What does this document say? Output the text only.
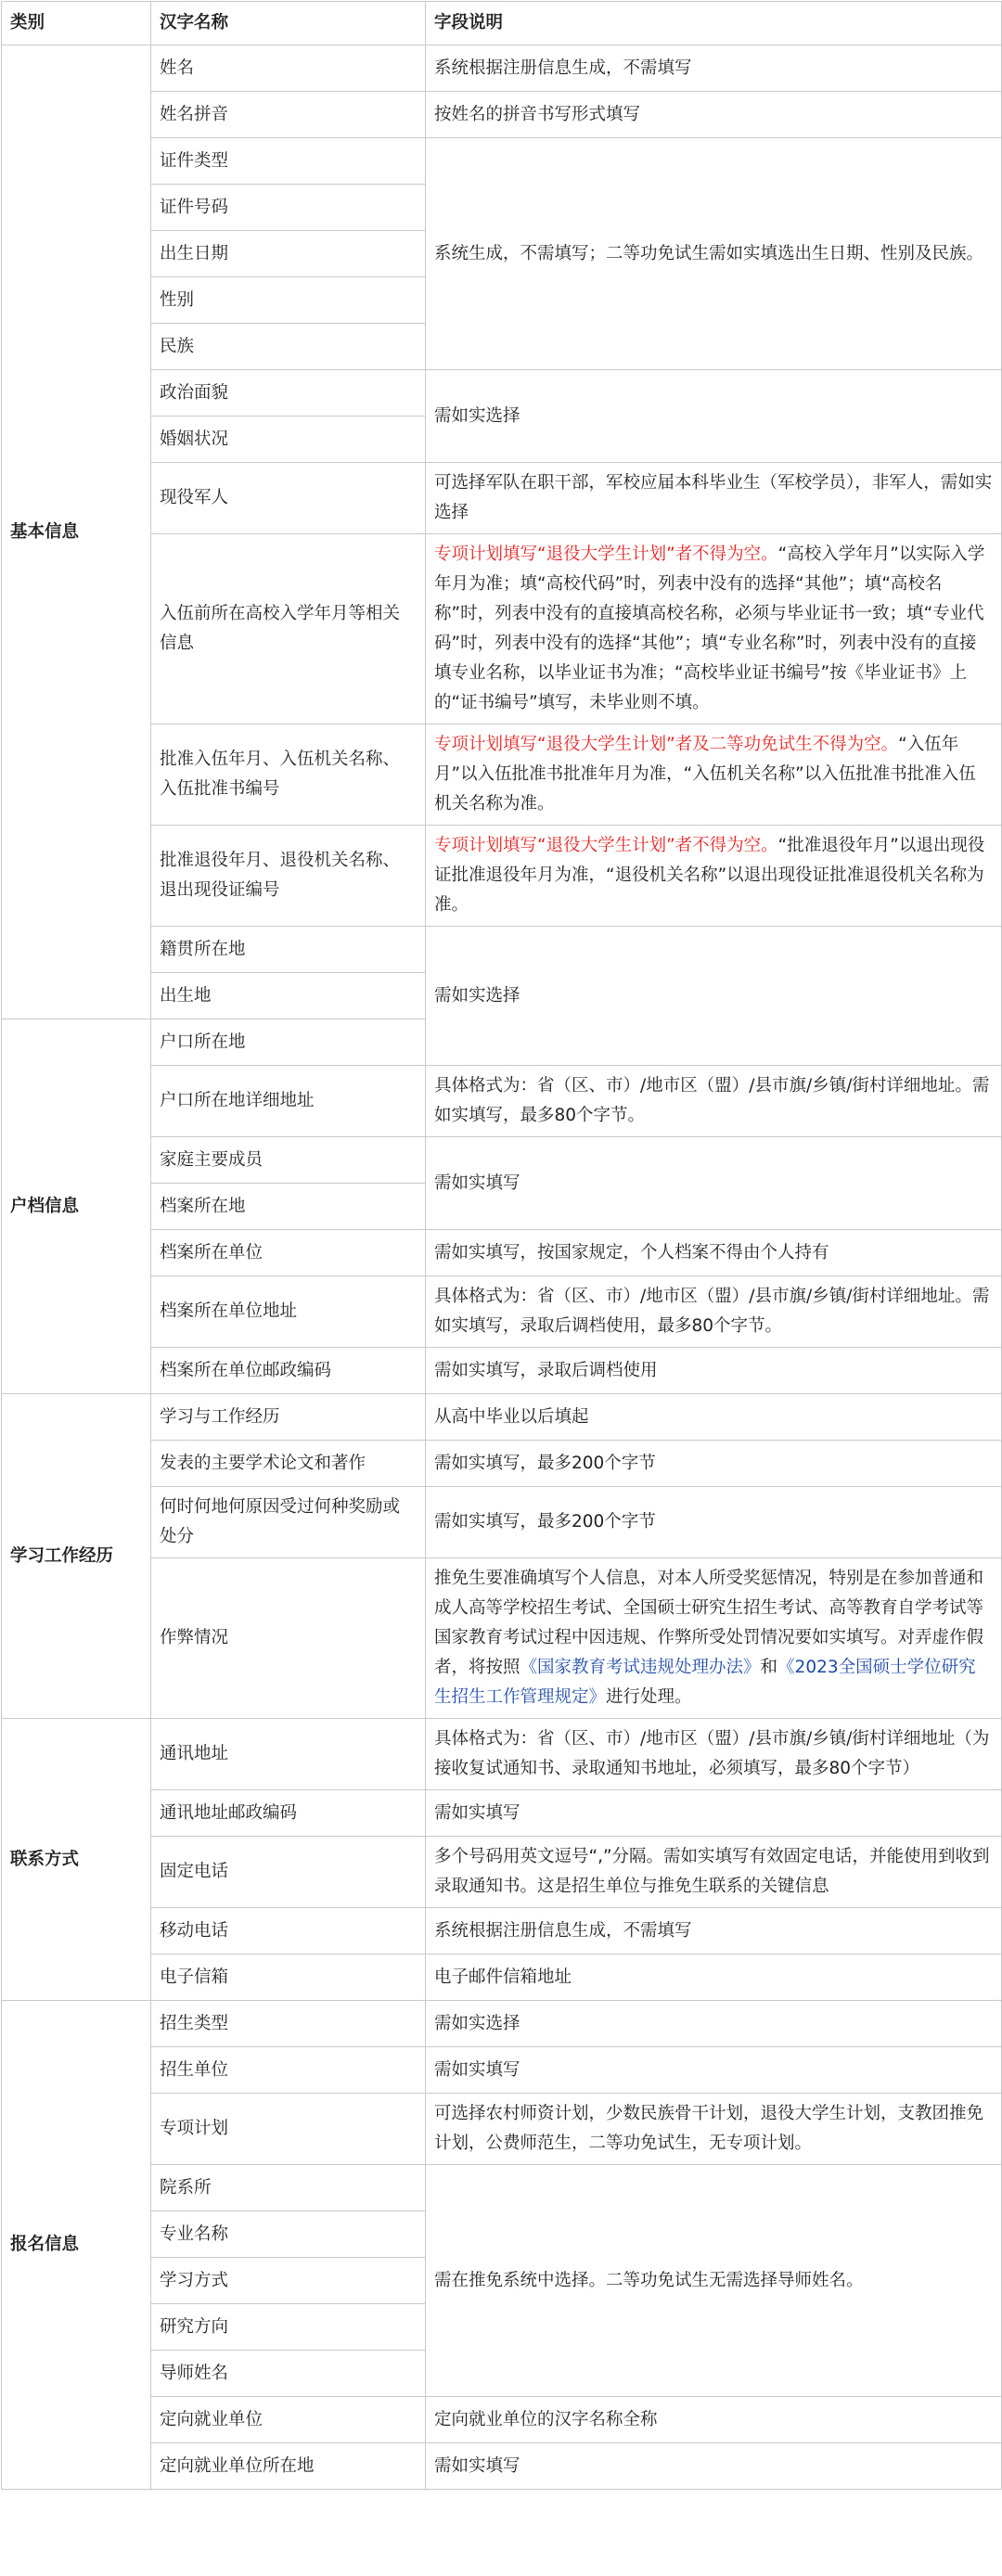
类别	汉字名称	字段说明
基本信息	姓名	系统根据注册信息生成，不需填写
	姓名拼音	按姓名的拼音书写形式填写
	证件类型	系统生成，不需填写；二等功免试生需如实填选出生日期、性别及民族。
	证件号码	
	出生日期	
	性别	
	民族	
	政治面貌	需如实选择
	婚姻状况	
	现役军人	可选择军队在职干部，军校应届本科毕业生（军校学员），非军人，需如实选择
	入伍前所在高校入学年月等相关信息	专项计划填写“退役大学生计划”者不得为空。“高校入学年月”以实际入学年月为准；填“高校代码”时，列表中没有的选择“其他”；填“高校名称”时，列表中没有的直接填高校名称，必须与毕业证书一致；填“专业代码”时，列表中没有的选择“其他”；填“专业名称”时，列表中没有的直接填专业名称，以毕业证书为准；“高校毕业证书编号”按《毕业证书》上的“证书编号”填写，未毕业则不填。
	批准入伍年月、入伍机关名称、入伍批准书编号	专项计划填写“退役大学生计划”者及二等功免试生不得为空。“入伍年月”以入伍批准书批准年月为准，“入伍机关名称”以入伍批准书批准入伍机关名称为准。
	批准退役年月、退役机关名称、退出现役证编号	专项计划填写“退役大学生计划”者不得为空。“批准退役年月”以退出现役证批准退役年月为准，“退役机关名称”以退出现役证批准退役机关名称为准。
	籍贯所在地	需如实选择
	出生地	
户档信息	户口所在地	
	户口所在地详细地址	具体格式为：省（区、市）/地市区（盟）/县市旗/乡镇/街村详细地址。需如实填写，最多80个字节。
	家庭主要成员	需如实填写
	档案所在地	
	档案所在单位	需如实填写，按国家规定，个人档案不得由个人持有
	档案所在单位地址	具体格式为：省（区、市）/地市区（盟）/县市旗/乡镇/街村详细地址。需如实填写，录取后调档使用，最多80个字节。
	档案所在单位邮政编码	需如实填写，录取后调档使用
学习工作经历	学习与工作经历	从高中毕业以后填起
	发表的主要学术论文和著作	需如实填写，最多200个字节
	何时何地何原因受过何种奖励或处分	需如实填写，最多200个字节
	作弊情况	推免生要准确填写个人信息，对本人所受奖惩情况，特别是在参加普通和成人高等学校招生考试、全国硕士研究生招生考试、高等教育自学考试等国家教育考试过程中因违规、作弊所受处罚情况要如实填写。对弄虚作假者，将按照《国家教育考试违规处理办法》和《2023全国硕士学位研究生招生工作管理规定》进行处理。
联系方式	通讯地址	具体格式为：省（区、市）/地市区（盟）/县市旗/乡镇/街村详细地址（为接收复试通知书、录取通知书地址，必须填写，最多80个字节）
	通讯地址邮政编码	需如实填写
	固定电话	多个号码用英文逗号“,”分隔。需如实填写有效固定电话，并能使用到收到录取通知书。这是招生单位与推免生联系的关键信息
	移动电话	系统根据注册信息生成，不需填写
	电子信箱	电子邮件信箱地址
报名信息	招生类型	需如实选择
	招生单位	需如实填写
	专项计划	可选择农村师资计划，少数民族骨干计划，退役大学生计划，支教团推免计划，公费师范生，二等功免试生，无专项计划。
	院系所	需在推免系统中选择。二等功免试生无需选择导师姓名。
	专业名称	
	学习方式	
	研究方向	
	导师姓名	
	定向就业单位	定向就业单位的汉字名称全称
	定向就业单位所在地	需如实填写
